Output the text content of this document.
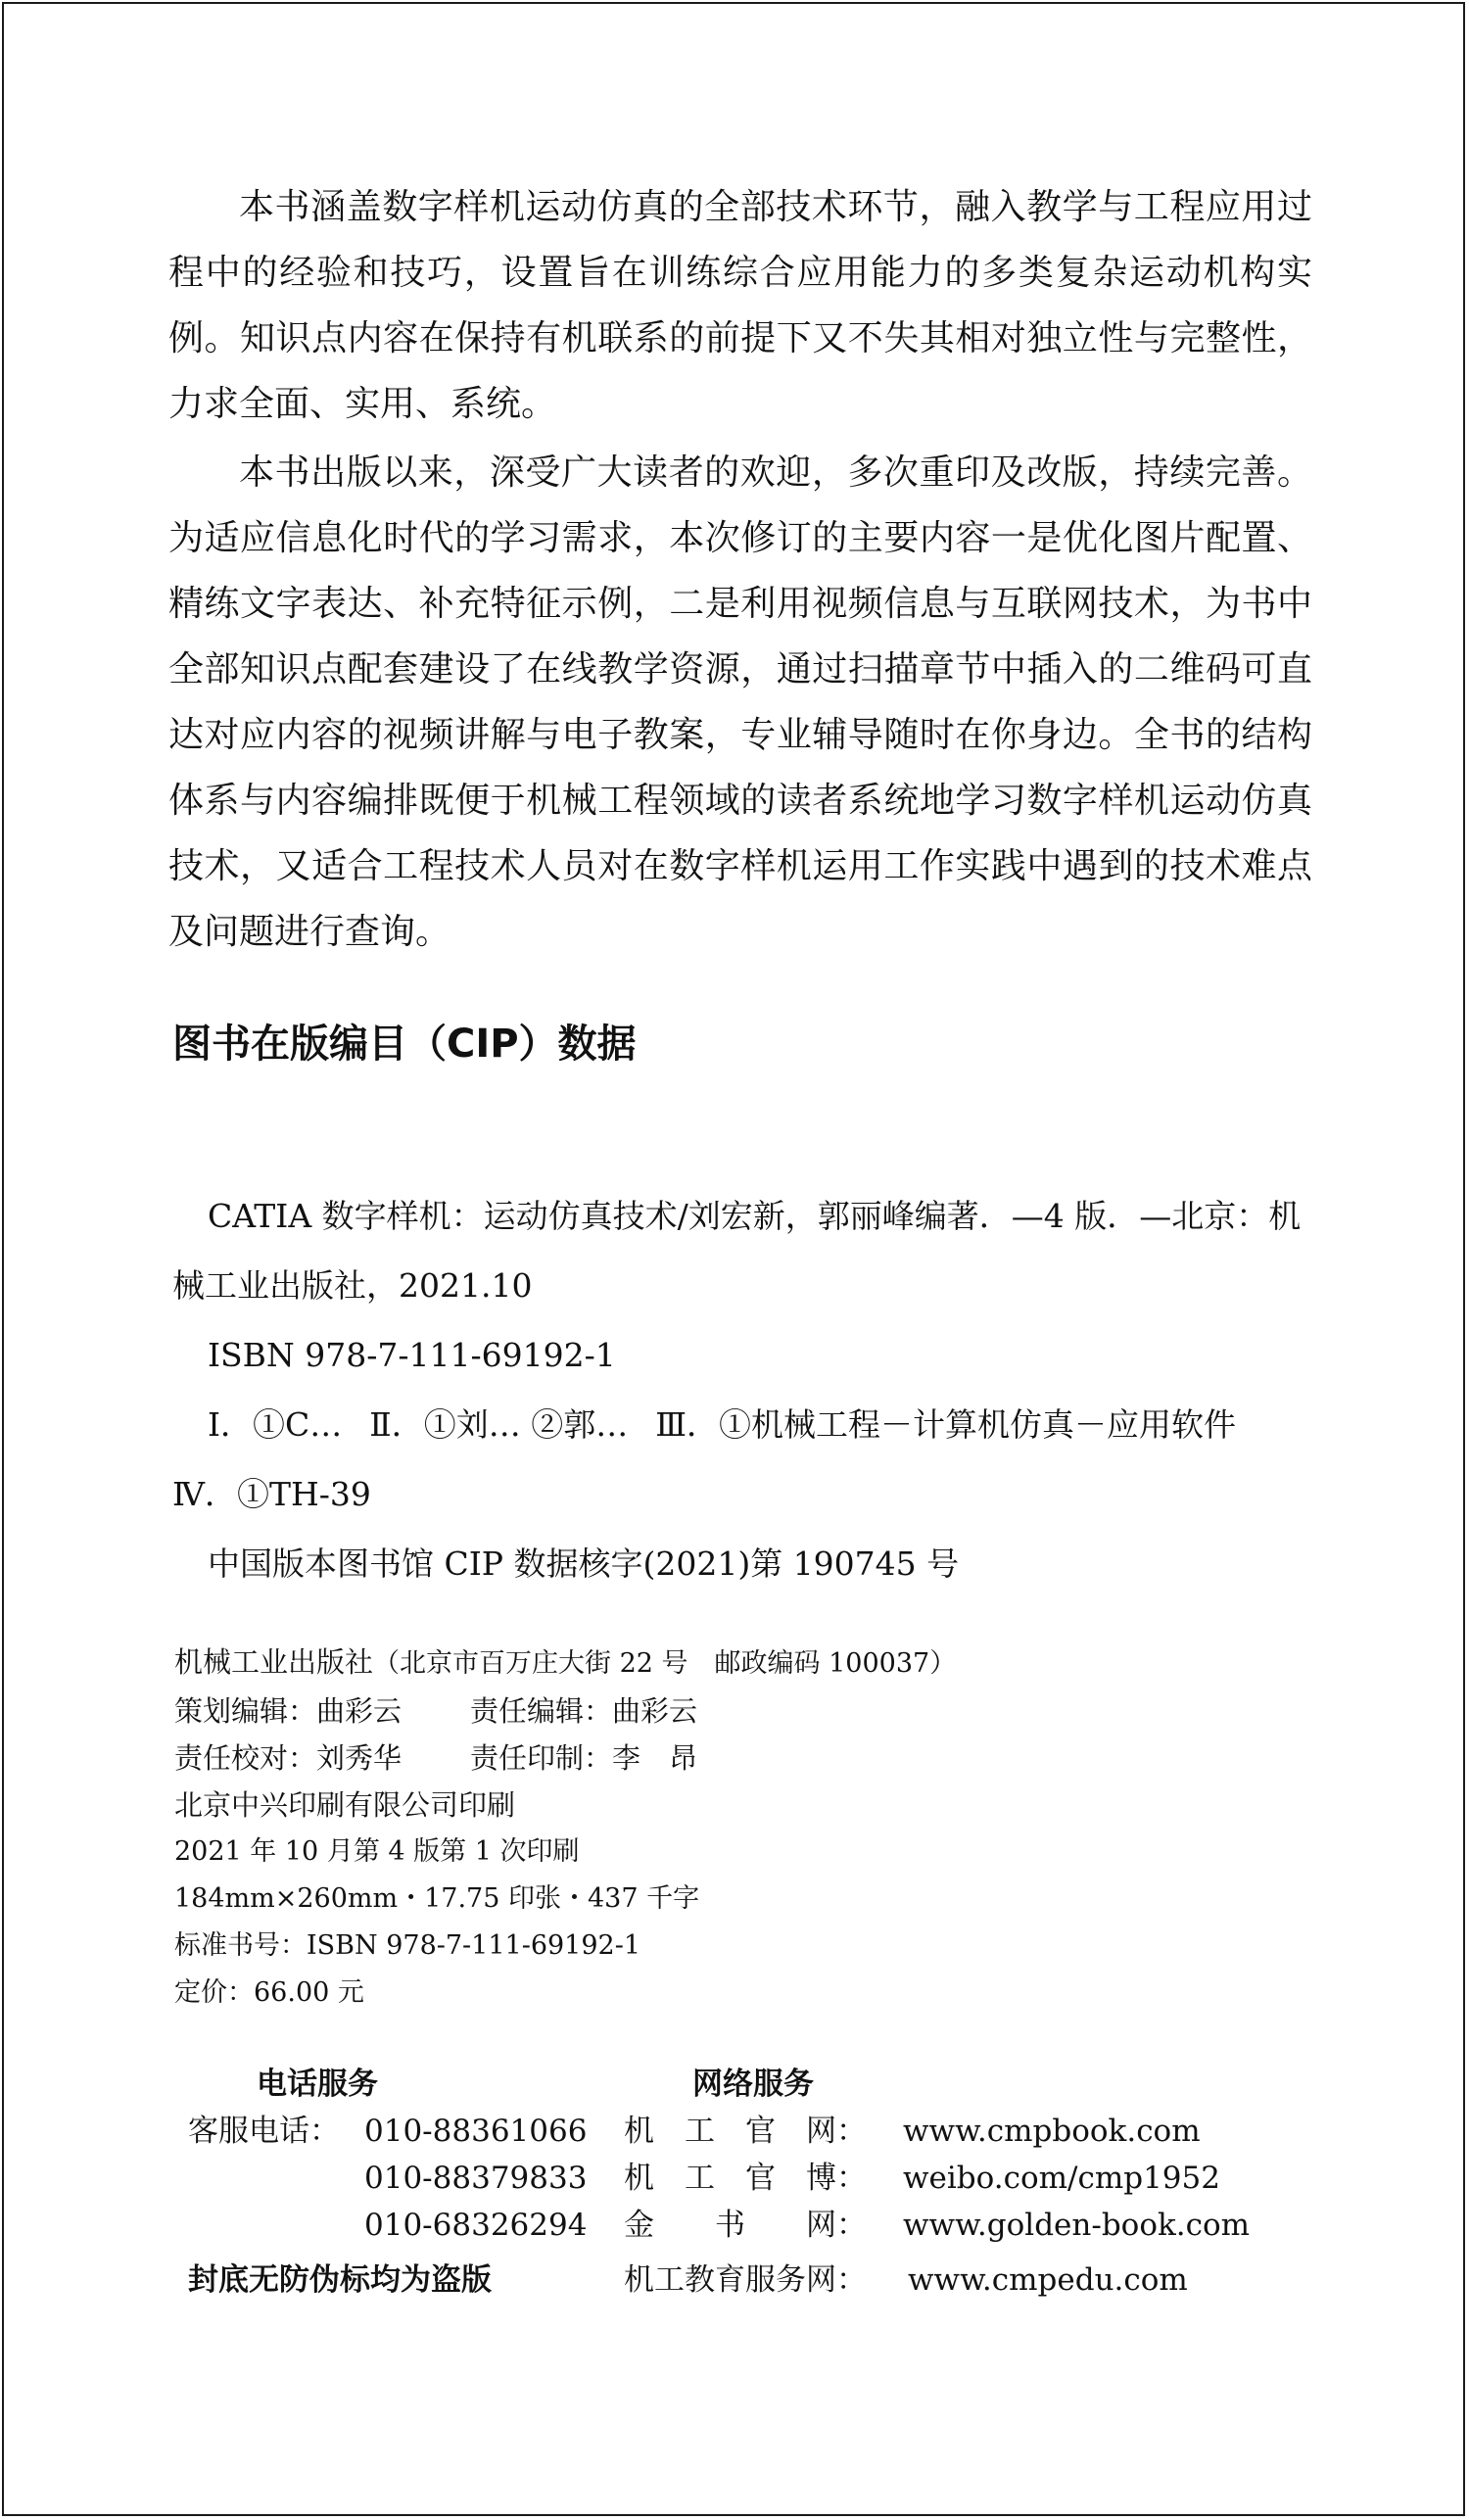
本书涵盖数字样机运动仿真的全部技术环节，融入教学与工程应用过程中的经验和技巧，设置旨在训练综合应用能力的多类复杂运动机构实例。知识点内容在保持有机联系的前提下又不失其相对独立性与完整性，力求全面、实用、系统。

本书出版以来，深受广大读者的欢迎，多次重印及改版，持续完善。为适应信息化时代的学习需求，本次修订的主要内容一是优化图片配置、精练文字表达、补充特征示例，二是利用视频信息与互联网技术，为书中全部知识点配套建设了在线教学资源，通过扫描章节中插入的二维码可直达对应内容的视频讲解与电子教案，专业辅导随时在你身边。全书的结构体系与内容编排既便于机械工程领域的读者系统地学习数字样机运动仿真技术，又适合工程技术人员对在数字样机运用工作实践中遇到的技术难点及问题进行查询。

图书在版编目（CIP）数据
CATIA 数字样机：运动仿真技术/刘宏新，郭丽峰编著．—4 版．—北京：机
械工业出版社，2021.10
ISBN 978-7-111-69192-1
Ⅰ．①C… Ⅱ．①刘… ②郭… Ⅲ．①机械工程－计算机仿真－应用软件
Ⅳ．①TH-39
中国版本图书馆 CIP 数据核字(2021)第 190745 号
机械工业出版社（北京市百万庄大街 22 号　邮政编码 100037）
策划编辑：曲彩云 责任编辑：曲彩云
责任校对：刘秀华 责任印制：李　昂
北京中兴印刷有限公司印刷
2021 年 10 月第 4 版第 1 次印刷
184mm×260mm・17.75 印张・437 千字
标准书号：ISBN 978-7-111-69192-1
定价：66.00 元
电话服务	网络服务
客服电话： 010-88361066 机　工　官　网： www.cmpbook.com
010-88379833 机　工　官　博： weibo.com/cmp1952
010-68326294 金　　书　　网： www.golden-book.com
封底无防伪标均为盗版	机工教育服务网： www.cmpedu.com
